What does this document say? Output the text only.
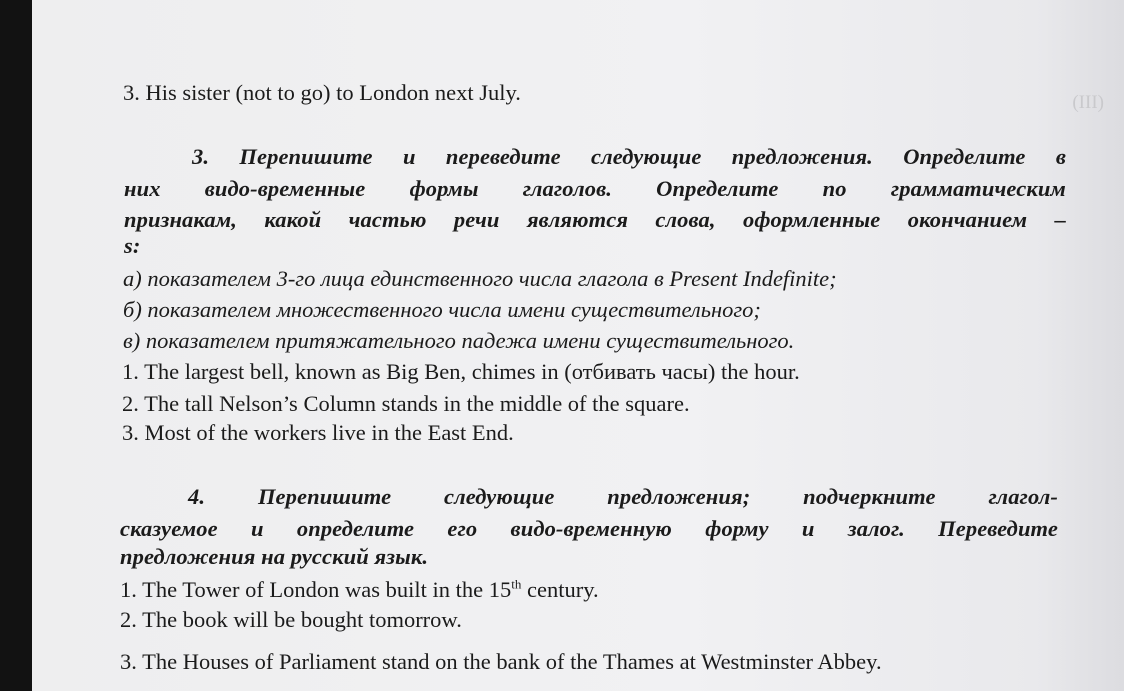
(III)
3. His sister (not to go) to London next July.
3. Перепишите и переведите следующие предложения. Определите в
них видо-временные формы глаголов. Определите по грамматическим
признакам, какой частью речи являются слова, оформленные окончанием –
s:
а) показателем 3-го лица единственного числа глагола в Present Indefinite;
б) показателем множественного числа имени существительного;
в) показателем притяжательного падежа имени существительного.
1. The largest bell, known as Big Ben, chimes in (отбивать часы) the hour.
2. The tall Nelson’s Column stands in the middle of the square.
3. Most of the workers live in the East End.
4. Перепишите следующие предложения; подчеркните глагол-
сказуемое и определите его видо-временную форму и залог. Переведите
предложения на русский язык.
1. The Tower of London was built in the 15th century.
2. The book will be bought tomorrow.
3. The Houses of Parliament stand on the bank of the Thames at Westminster Abbey.
